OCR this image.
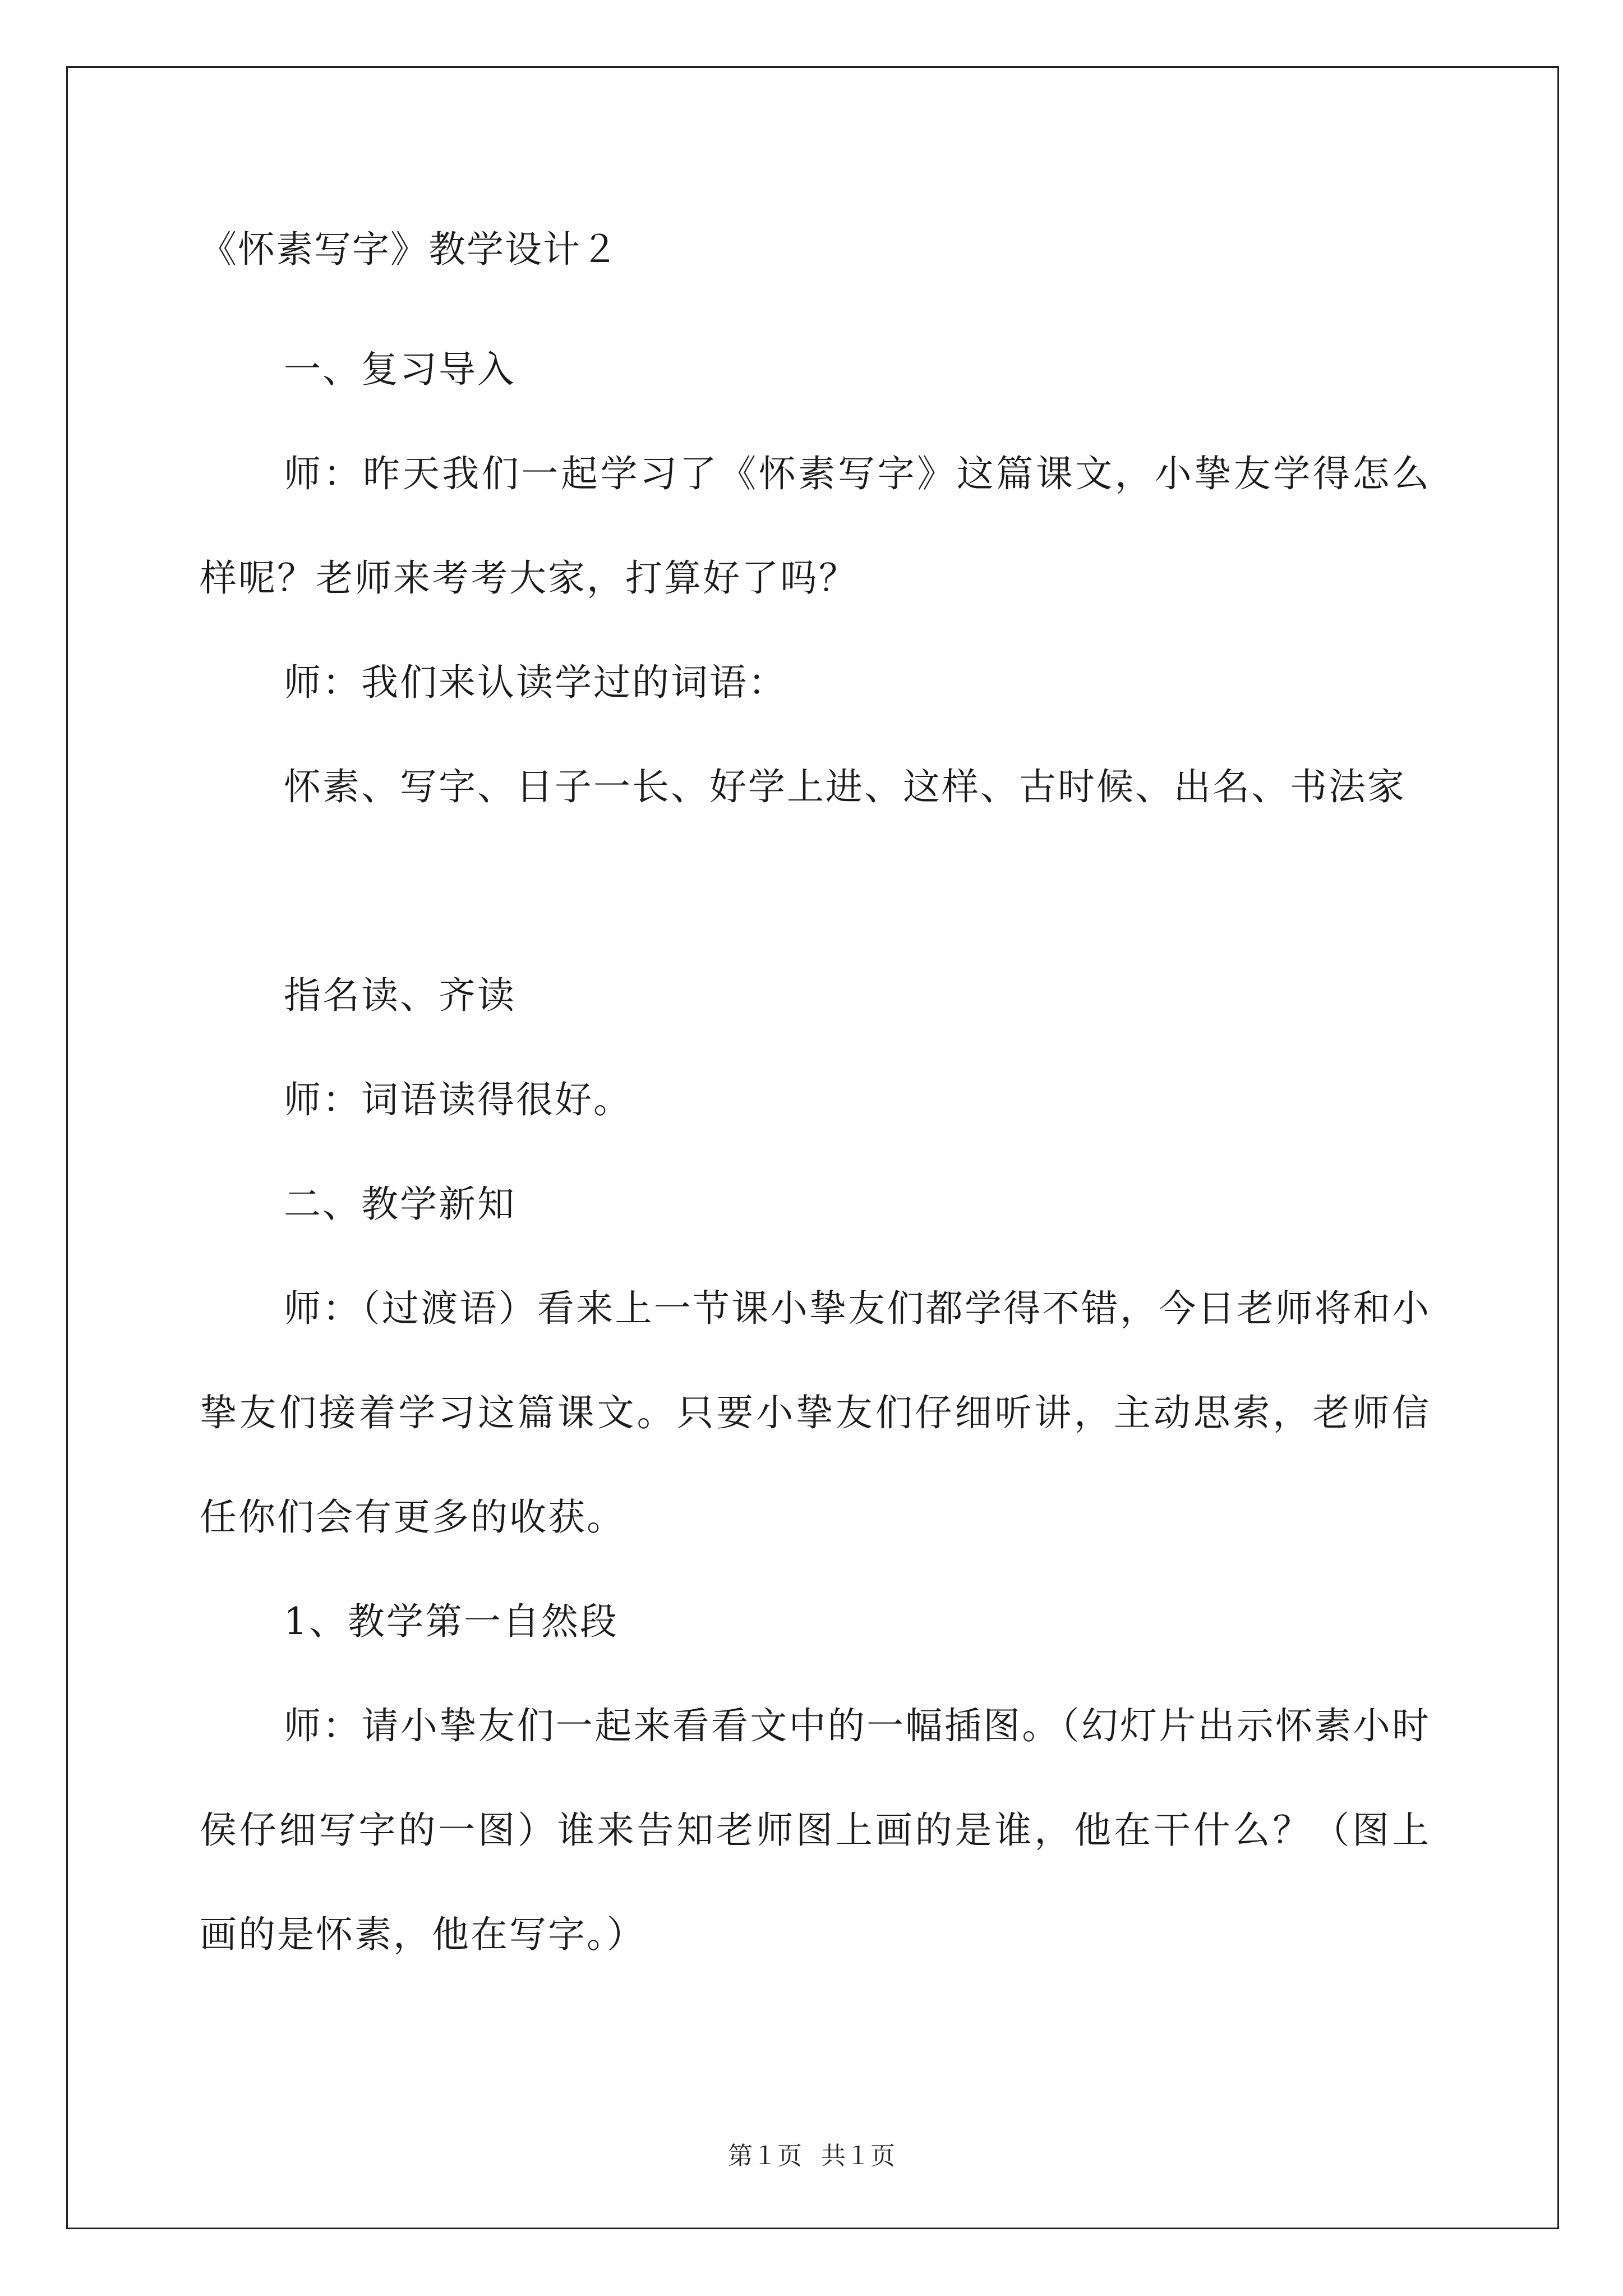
《怀素写字》教学设计２
一、复习导入
师：昨天我们一起学习了《怀素写字》这篇课文，小挚友学得怎么样呢？老师来考考大家，打算好了吗？
师：我们来认读学过的词语：
怀素、写字、日子一长、好学上进、这样、古时候、出名、书法家
指名读、齐读
师：词语读得很好。
二、教学新知
师：（过渡语）看来上一节课小挚友们都学得不错，今日老师将和小挚友们接着学习这篇课文。只要小挚友们仔细听讲，主动思索，老师信任你们会有更多的收获。
1、教学第一自然段
师：请小挚友们一起来看看文中的一幅插图。（幻灯片出示怀素小时侯仔细写字的一图）谁来告知老师图上画的是谁，他在干什么？（图上画的是怀素，他在写字。）
第１页 共１页
